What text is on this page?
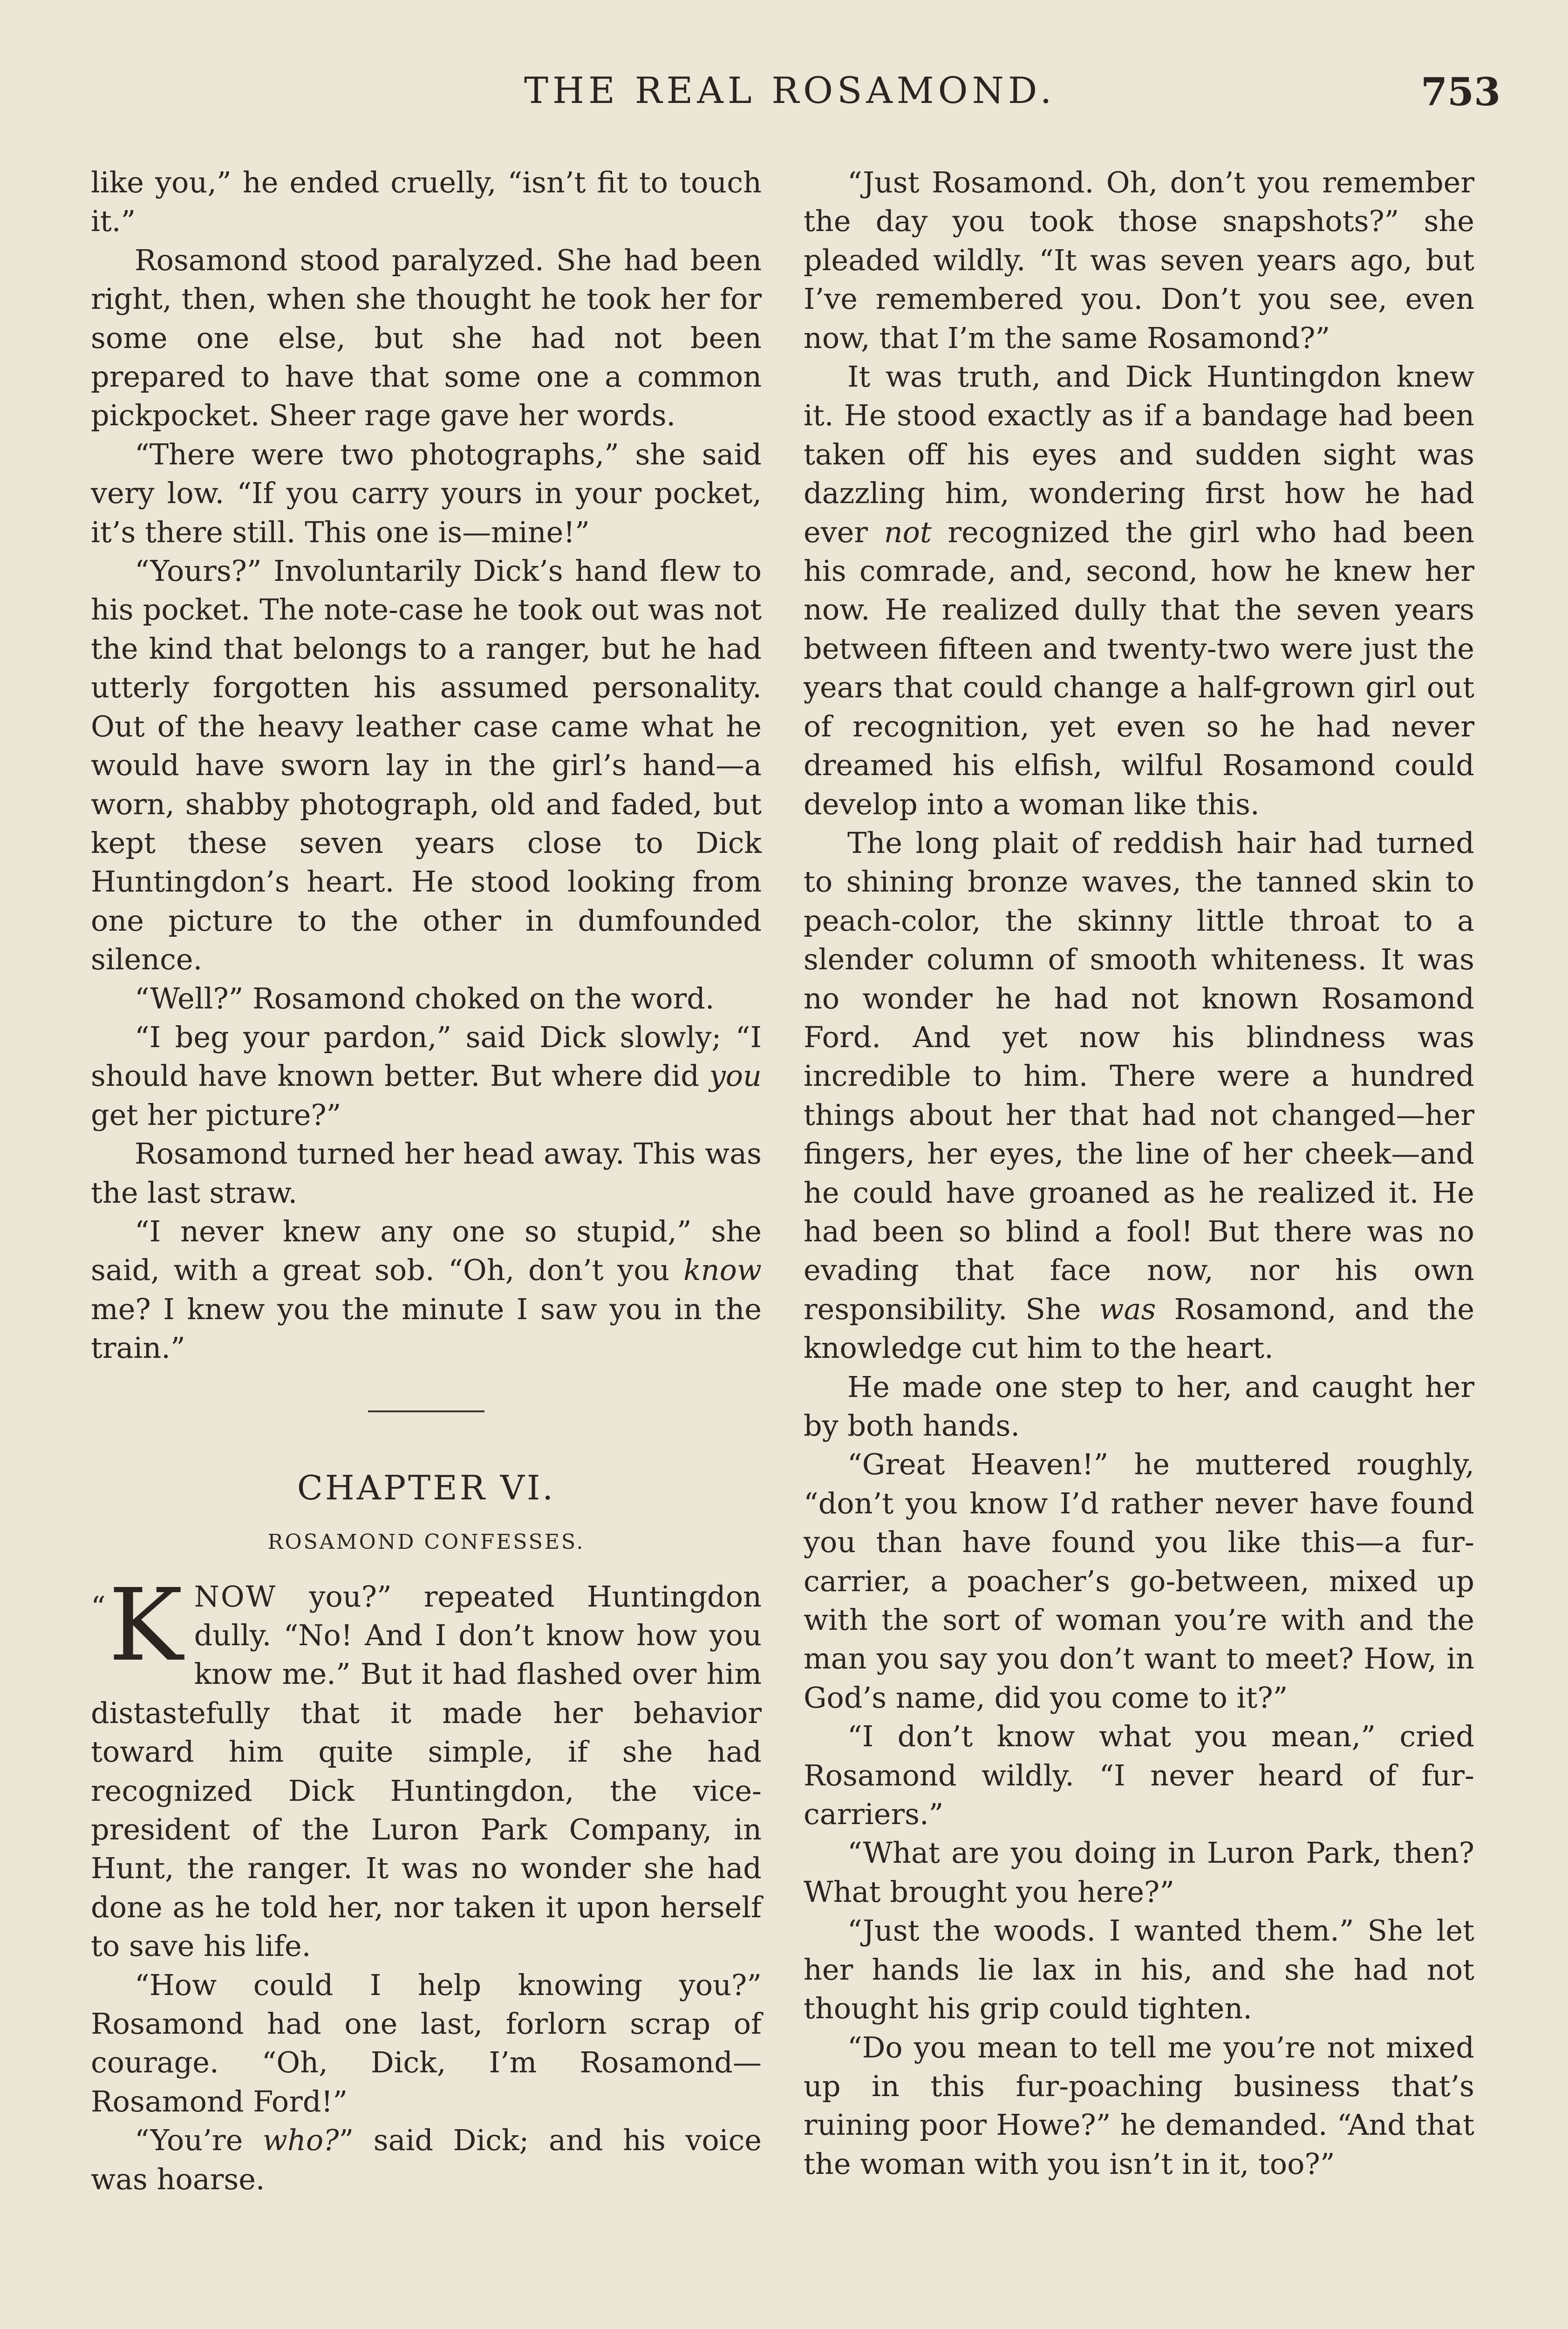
THE REAL ROSAMOND.	753

like you,” he ended cruelly, “isn’t fit to touch it.”

Rosamond stood paralyzed. She had been right, then, when she thought he took her for some one else, but she had not been prepared to have that some one a common pickpocket. Sheer rage gave her words.

“There were two photographs,” she said very low. “If you carry yours in your pocket, it’s there still. This one is—mine!”

“Yours?” Involuntarily Dick’s hand flew to his pocket. The note-case he took out was not the kind that belongs to a ranger, but he had utterly forgotten his assumed personality. Out of the heavy leather case came what he would have sworn lay in the girl’s hand—a worn, shabby photograph, old and faded, but kept these seven years close to Dick Huntingdon’s heart. He stood looking from one picture to the other in dumfounded silence.

“Well?” Rosamond choked on the word.

“I beg your pardon,” said Dick slowly; “I should have known better. But where did you get her picture?”

Rosamond turned her head away. This was the last straw.

“I never knew any one so stupid,” she said, with a great sob. “Oh, don’t you know me? I knew you the minute I saw you in the train.”

CHAPTER VI.
ROSAMOND CONFESSES.

“K NOW you?” repeated Huntingdon dully. “No! And I don’t know how you know me.” But it had flashed over him distastefully that it made her behavior toward him quite simple, if she had recognized Dick Huntingdon, the vice-president of the Luron Park Company, in Hunt, the ranger. It was no wonder she had done as he told her, nor taken it upon herself to save his life.

“How could I help knowing you?” Rosamond had one last, forlorn scrap of courage. “Oh, Dick, I’m Rosamond—Rosamond Ford!”

“You’re who?” said Dick; and his voice was hoarse.

“Just Rosamond. Oh, don’t you remember the day you took those snapshots?” she pleaded wildly. “It was seven years ago, but I’ve remembered you. Don’t you see, even now, that I’m the same Rosamond?”

It was truth, and Dick Huntingdon knew it. He stood exactly as if a bandage had been taken off his eyes and sudden sight was dazzling him, wondering first how he had ever not recognized the girl who had been his comrade, and, second, how he knew her now. He realized dully that the seven years between fifteen and twenty-two were just the years that could change a half-grown girl out of recognition, yet even so he had never dreamed his elfish, wilful Rosamond could develop into a woman like this.

The long plait of reddish hair had turned to shining bronze waves, the tanned skin to peach-color, the skinny little throat to a slender column of smooth whiteness. It was no wonder he had not known Rosamond Ford. And yet now his blindness was incredible to him. There were a hundred things about her that had not changed—her fingers, her eyes, the line of her cheek—and he could have groaned as he realized it. He had been so blind a fool! But there was no evading that face now, nor his own responsibility. She was Rosamond, and the knowledge cut him to the heart.

He made one step to her, and caught her by both hands.

“Great Heaven!” he muttered roughly, “don’t you know I’d rather never have found you than have found you like this—a fur-carrier, a poacher’s go-between, mixed up with the sort of woman you’re with and the man you say you don’t want to meet? How, in God’s name, did you come to it?”

“I don’t know what you mean,” cried Rosamond wildly. “I never heard of fur-carriers.”

“What are you doing in Luron Park, then? What brought you here?”

“Just the woods. I wanted them.” She let her hands lie lax in his, and she had not thought his grip could tighten.

“Do you mean to tell me you’re not mixed up in this fur-poaching business that’s ruining poor Howe?” he demanded. “And that the woman with you isn’t in it, too?”
